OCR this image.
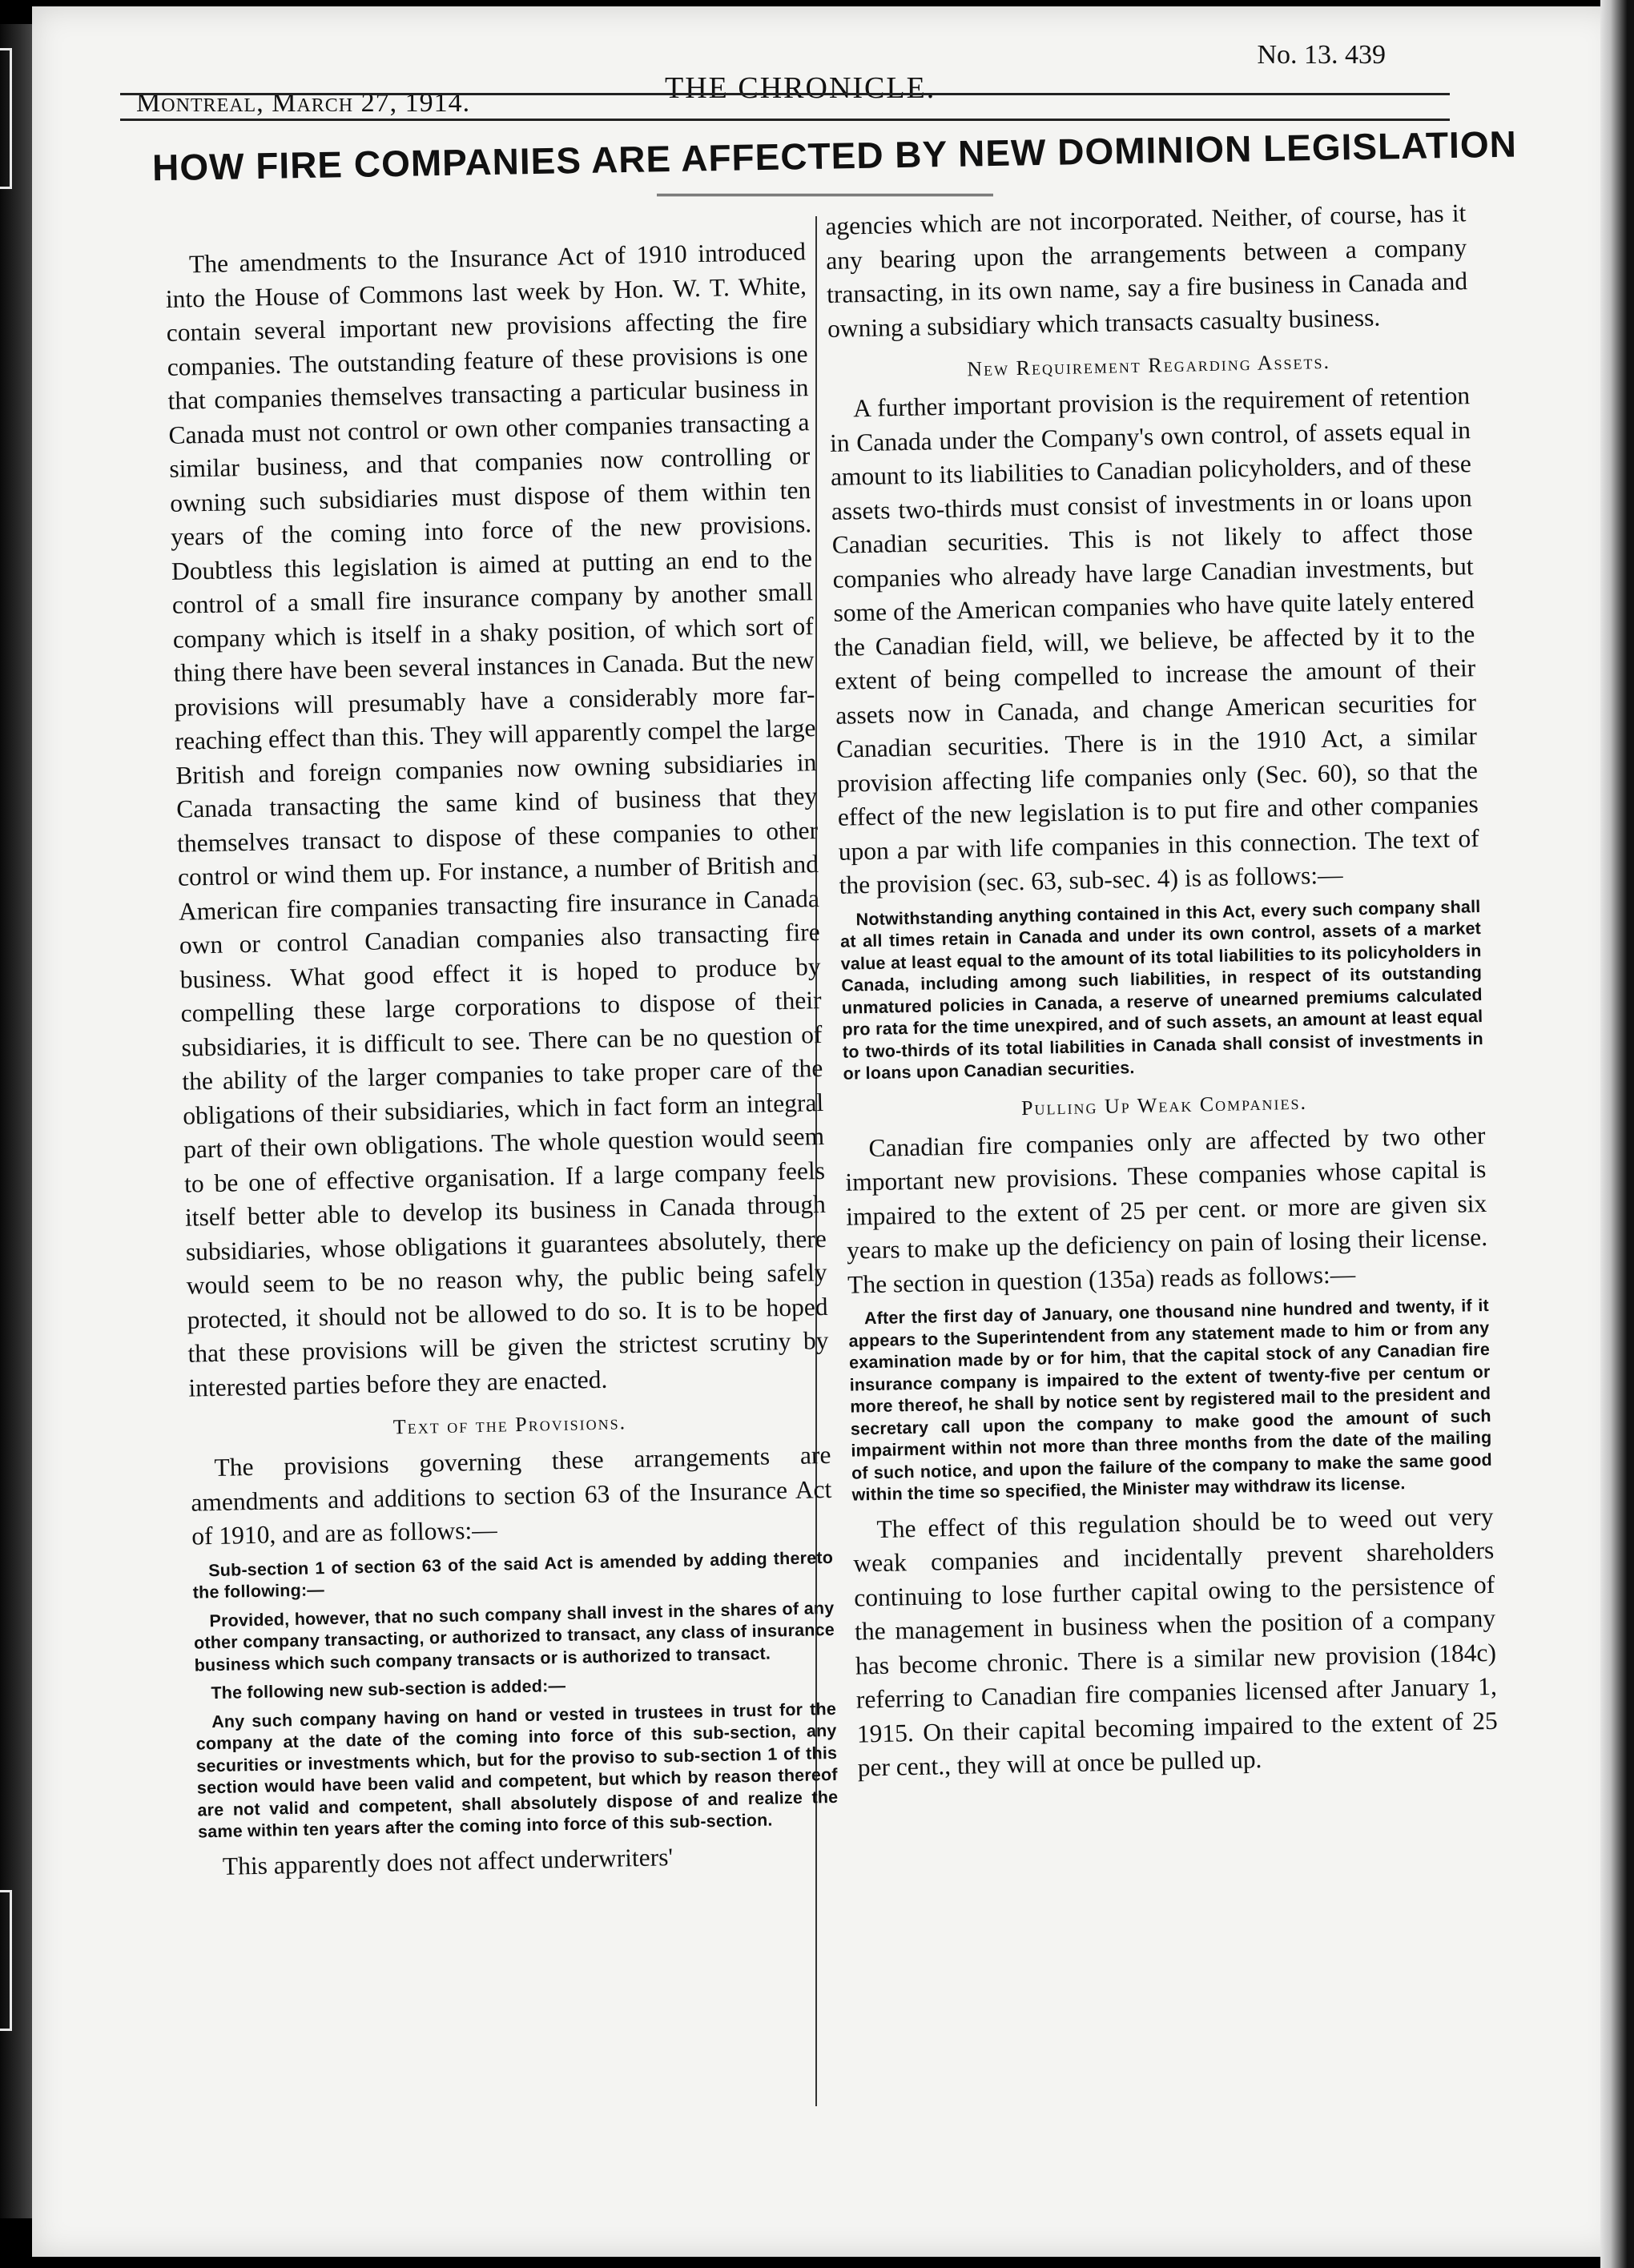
Montreal, March 27, 1914.	THE CHRONICLE.
No. 13. 439
HOW FIRE COMPANIES ARE AFFECTED BY NEW DOMINION LEGISLATION

The amendments to the Insurance Act of 1910 introduced into the House of Commons last week by Hon. W. T. White, contain several important new provisions affecting the fire companies. The outstanding feature of these provisions is one that companies themselves transacting a particular business in Canada must not control or own other companies transacting a similar business, and that companies now controlling or owning such subsidiaries must dispose of them within ten years of the coming into force of the new provisions. Doubtless this legislation is aimed at putting an end to the control of a small fire insurance company by another small company which is itself in a shaky position, of which sort of thing there have been several instances in Canada. But the new provisions will presumably have a considerably more far-reaching effect than this. They will apparently compel the large British and foreign companies now owning subsidiaries in Canada transacting the same kind of business that they themselves transact to dispose of these companies to other control or wind them up. For instance, a number of British and American fire companies transacting fire insurance in Canada own or control Canadian companies also transacting fire business. What good effect it is hoped to produce by compelling these large corporations to dispose of their subsidiaries, it is difficult to see. There can be no question of the ability of the larger companies to take proper care of the obligations of their subsidiaries, which in fact form an integral part of their own obligations. The whole question would seem to be one of effective organisation. If a large company feels itself better able to develop its business in Canada through subsidiaries, whose obligations it guarantees absolutely, there would seem to be no reason why, the public being safely protected, it should not be allowed to do so. It is to be hoped that these provisions will be given the strictest scrutiny by interested parties before they are enacted.

Text of the Provisions.

The provisions governing these arrangements are amendments and additions to section 63 of the Insurance Act of 1910, and are as follows:—

Sub-section 1 of section 63 of the said Act is amended by adding thereto the following:—

Provided, however, that no such company shall invest in the shares of any other company transacting, or authorized to transact, any class of insurance business which such company transacts or is authorized to transact.

The following new sub-section is added:—

Any such company having on hand or vested in trustees in trust for the company at the date of the coming into force of this sub-section, any securities or investments which, but for the proviso to sub-section 1 of this section would have been valid and competent, but which by reason thereof are not valid and competent, shall absolutely dispose of and realize the same within ten years after the coming into force of this sub-section.

This apparently does not affect underwriters'

agencies which are not incorporated. Neither, of course, has it any bearing upon the arrangements between a company transacting, in its own name, say a fire business in Canada and owning a subsidiary which transacts casualty business.

New Requirement Regarding Assets.

A further important provision is the requirement of retention in Canada under the Company's own control, of assets equal in amount to its liabilities to Canadian policyholders, and of these assets two-thirds must consist of investments in or loans upon Canadian securities. This is not likely to affect those companies who already have large Canadian investments, but some of the American companies who have quite lately entered the Canadian field, will, we believe, be affected by it to the extent of being compelled to increase the amount of their assets now in Canada, and change American securities for Canadian securities. There is in the 1910 Act, a similar provision affecting life companies only (Sec. 60), so that the effect of the new legislation is to put fire and other companies upon a par with life companies in this connection. The text of the provision (sec. 63, sub-sec. 4) is as follows:—

Notwithstanding anything contained in this Act, every such company shall at all times retain in Canada and under its own control, assets of a market value at least equal to the amount of its total liabilities to its policyholders in Canada, including among such liabilities, in respect of its outstanding unmatured policies in Canada, a reserve of unearned premiums calculated pro rata for the time unexpired, and of such assets, an amount at least equal to two-thirds of its total liabilities in Canada shall consist of investments in or loans upon Canadian securities.

Pulling Up Weak Companies.

Canadian fire companies only are affected by two other important new provisions. These companies whose capital is impaired to the extent of 25 per cent. or more are given six years to make up the deficiency on pain of losing their license. The section in question (135a) reads as follows:—

After the first day of January, one thousand nine hundred and twenty, if it appears to the Superintendent from any statement made to him or from any examination made by or for him, that the capital stock of any Canadian fire insurance company is impaired to the extent of twenty-five per centum or more thereof, he shall by notice sent by registered mail to the president and secretary call upon the company to make good the amount of such impairment within not more than three months from the date of the mailing of such notice, and upon the failure of the company to make the same good within the time so specified, the Minister may withdraw its license.

The effect of this regulation should be to weed out very weak companies and incidentally prevent shareholders continuing to lose further capital owing to the persistence of the management in business when the position of a company has become chronic. There is a similar new provision (184c) referring to Canadian fire companies licensed after January 1, 1915. On their capital becoming impaired to the extent of 25 per cent., they will at once be pulled up.
